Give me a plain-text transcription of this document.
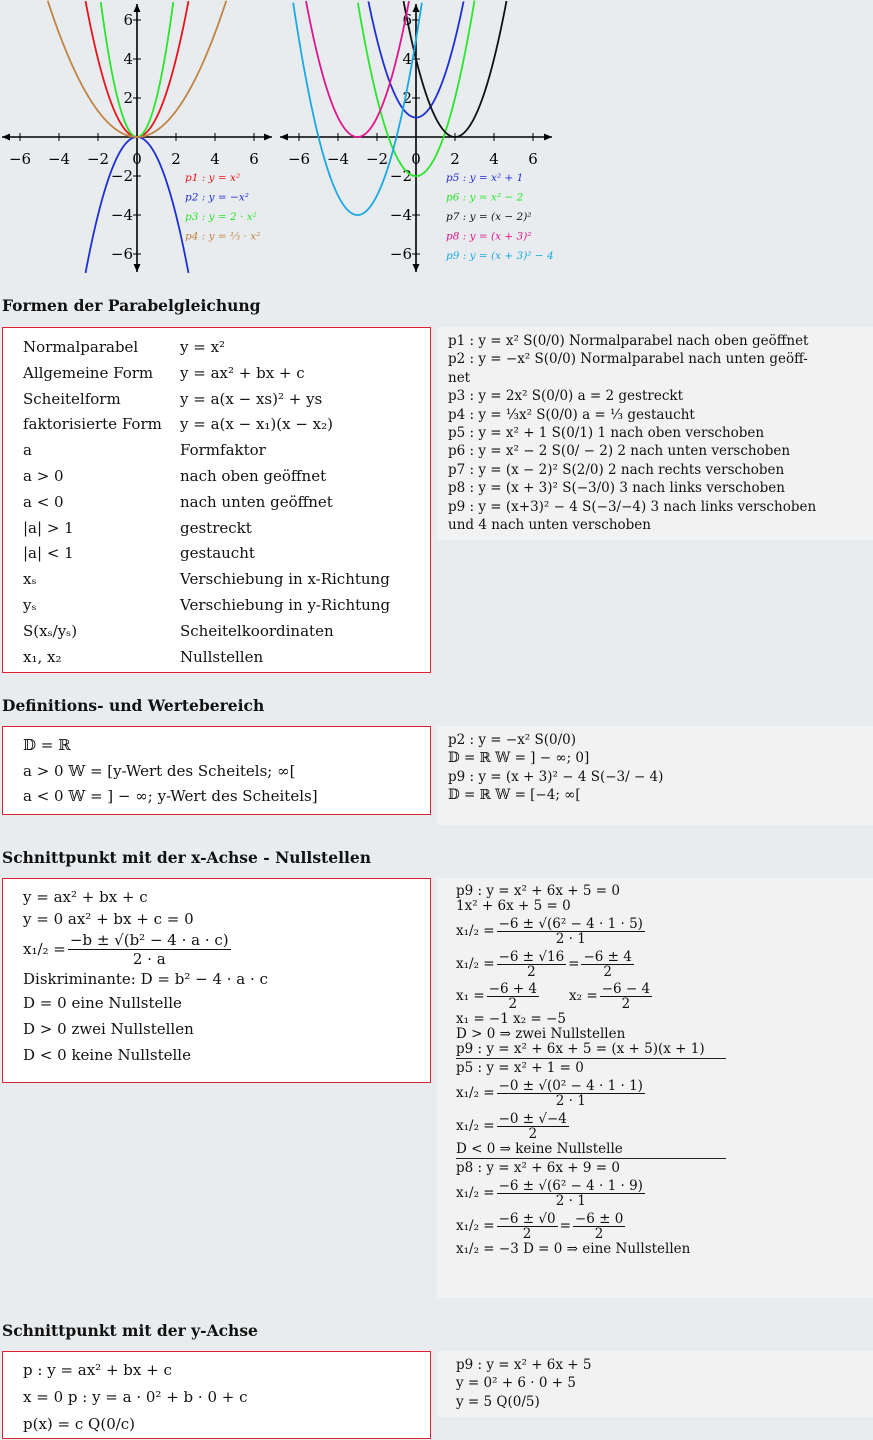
−6 −4 −2 0 2 4 6
6
4
2
−2
−4
−6
p1 : y = x²
p2 : y = −x²
p3 : y = 2 · x²
p4 : y = ⅓ · x²
−6 −4 −2 0 2 4 6
6
4
2
−2
−4
−6
p5 : y = x² + 1
p6 : y = x² − 2
p7 : y = (x − 2)²
p8 : y = (x + 3)²
p9 : y = (x + 3)² − 4
Formen der Parabelgleichung
Normalparabel	y = x²
Allgemeine Form	y = ax² + bx + c
Scheitelform	y = a(x − xs)² + ys
faktorisierte Form	y = a(x − x₁)(x − x₂)
a	Formfaktor
a > 0	nach oben geöffnet
a < 0	nach unten geöffnet
|a| > 1	gestreckt
|a| < 1	gestaucht
xₛ	Verschiebung in x-Richtung
yₛ	Verschiebung in y-Richtung
S(xₛ/yₛ)	Scheitelkoordinaten
x₁, x₂	Nullstellen
p1 : y = x² S(0/0) Normalparabel nach oben geöffnet
p2 : y = −x² S(0/0) Normalparabel nach unten geöff-
net
p3 : y = 2x² S(0/0) a = 2 gestreckt
p4 : y = ⅓x² S(0/0) a = ⅓ gestaucht
p5 : y = x² + 1 S(0/1) 1 nach oben verschoben
p6 : y = x² − 2 S(0/ − 2) 2 nach unten verschoben
p7 : y = (x − 2)² S(2/0) 2 nach rechts verschoben
p8 : y = (x + 3)² S(−3/0) 3 nach links verschoben
p9 : y = (x+3)² − 4 S(−3/−4) 3 nach links verschoben
und 4 nach unten verschoben
Definitions- und Wertebereich
𝔻 = ℝ
a > 0 𝕎 = [y-Wert des Scheitels; ∞[
a < 0 𝕎 = ] − ∞; y-Wert des Scheitels]
p2 : y = −x² S(0/0)
𝔻 = ℝ 𝕎 = ] − ∞; 0]
p9 : y = (x + 3)² − 4 S(−3/ − 4)
𝔻 = ℝ 𝕎 = [−4; ∞[
Schnittpunkt mit der x-Achse - Nullstellen
y = ax² + bx + c
y = 0 ax² + bx + c = 0
$x_1/_2 = \frac{\text{−b ± √(b² − 4 · a · c)}}{2 \cdot a}$
Diskriminante: D = b² − 4 · a · c
D = 0 eine Nullstelle
D > 0 zwei Nullstellen
D < 0 keine Nullstelle
p9 : y = x² + 6x + 5 = 0
1x² + 6x + 5 = 0
$x_1/_2 = \frac{\text{−6 ± √(6² − 4 · 1 · 5)}}{2 \cdot 1}$
$x_1/_2 = \frac{-6 \pm √16}{2} = \frac{-6 \pm 4}{2}$
$x_1 = \frac{-6 + 4}{2} x_2 = \frac{-6 - 4}{2}$
x₁ = −1 x₂ = −5
D > 0 ⇒ zwei Nullstellen
p9 : y = x² + 6x + 5 = (x + 5)(x + 1)
p5 : y = x² + 1 = 0
$x_1/_2 = \frac{\text{−0 ± √(0² − 4 · 1 · 1)}}{2 \cdot 1}$
$x_1/_2 = \frac{-0 \pm √-4}{2}$
D < 0 ⇒ keine Nullstelle
p8 : y = x² + 6x + 9 = 0
$x_1/_2 = \frac{\text{−6 ± √(6² − 4 · 1 · 9)}}{2 \cdot 1}$
$x_1/_2 = \frac{-6 \pm √0}{2} = \frac{-6 \pm 0}{2}$
x₁/₂ = −3 D = 0 ⇒ eine Nullstellen
Schnittpunkt mit der y-Achse
p : y = ax² + bx + c
x = 0 p : y = a · 0² + b · 0 + c
p(x) = c Q(0/c)
p9 : y = x² + 6x + 5
y = 0² + 6 · 0 + 5
y = 5 Q(0/5)
